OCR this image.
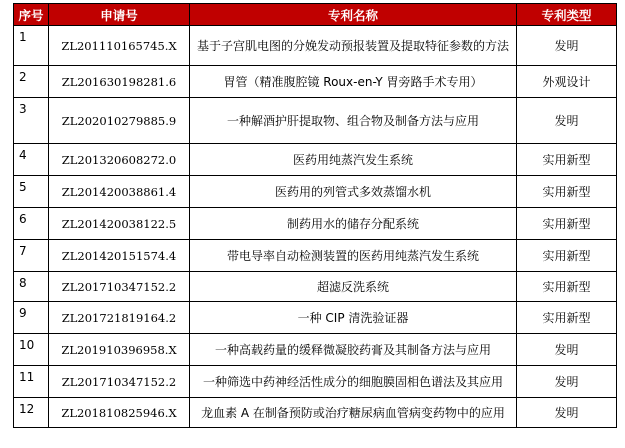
序号	申请号	专利名称	专利类型
1	ZL201110165745.X	基于子宫肌电图的分娩发动预报装置及提取特征参数的方法	发明
2	ZL201630198281.6	胃管（精准腹腔镜 Roux-en-Y 胃旁路手术专用）	外观设计
3	ZL202010279885.9	一种解酒护肝提取物、组合物及制备方法与应用	发明
4	ZL201320608272.0	医药用纯蒸汽发生系统	实用新型
5	ZL201420038861.4	医药用的列管式多效蒸馏水机	实用新型
6	ZL201420038122.5	制药用水的储存分配系统	实用新型
7	ZL201420151574.4	带电导率自动检测装置的医药用纯蒸汽发生系统	实用新型
8	ZL201710347152.2	超滤反洗系统	实用新型
9	ZL201721819164.2	一种 CIP 清洗验证器	实用新型
10	ZL201910396958.X	一种高载药量的缓释微凝胶药膏及其制备方法与应用	发明
11	ZL201710347152.2	一种筛选中药神经活性成分的细胞膜固相色谱法及其应用	发明
12	ZL201810825946.X	龙血素 A 在制备预防或治疗糖尿病血管病变药物中的应用	发明
